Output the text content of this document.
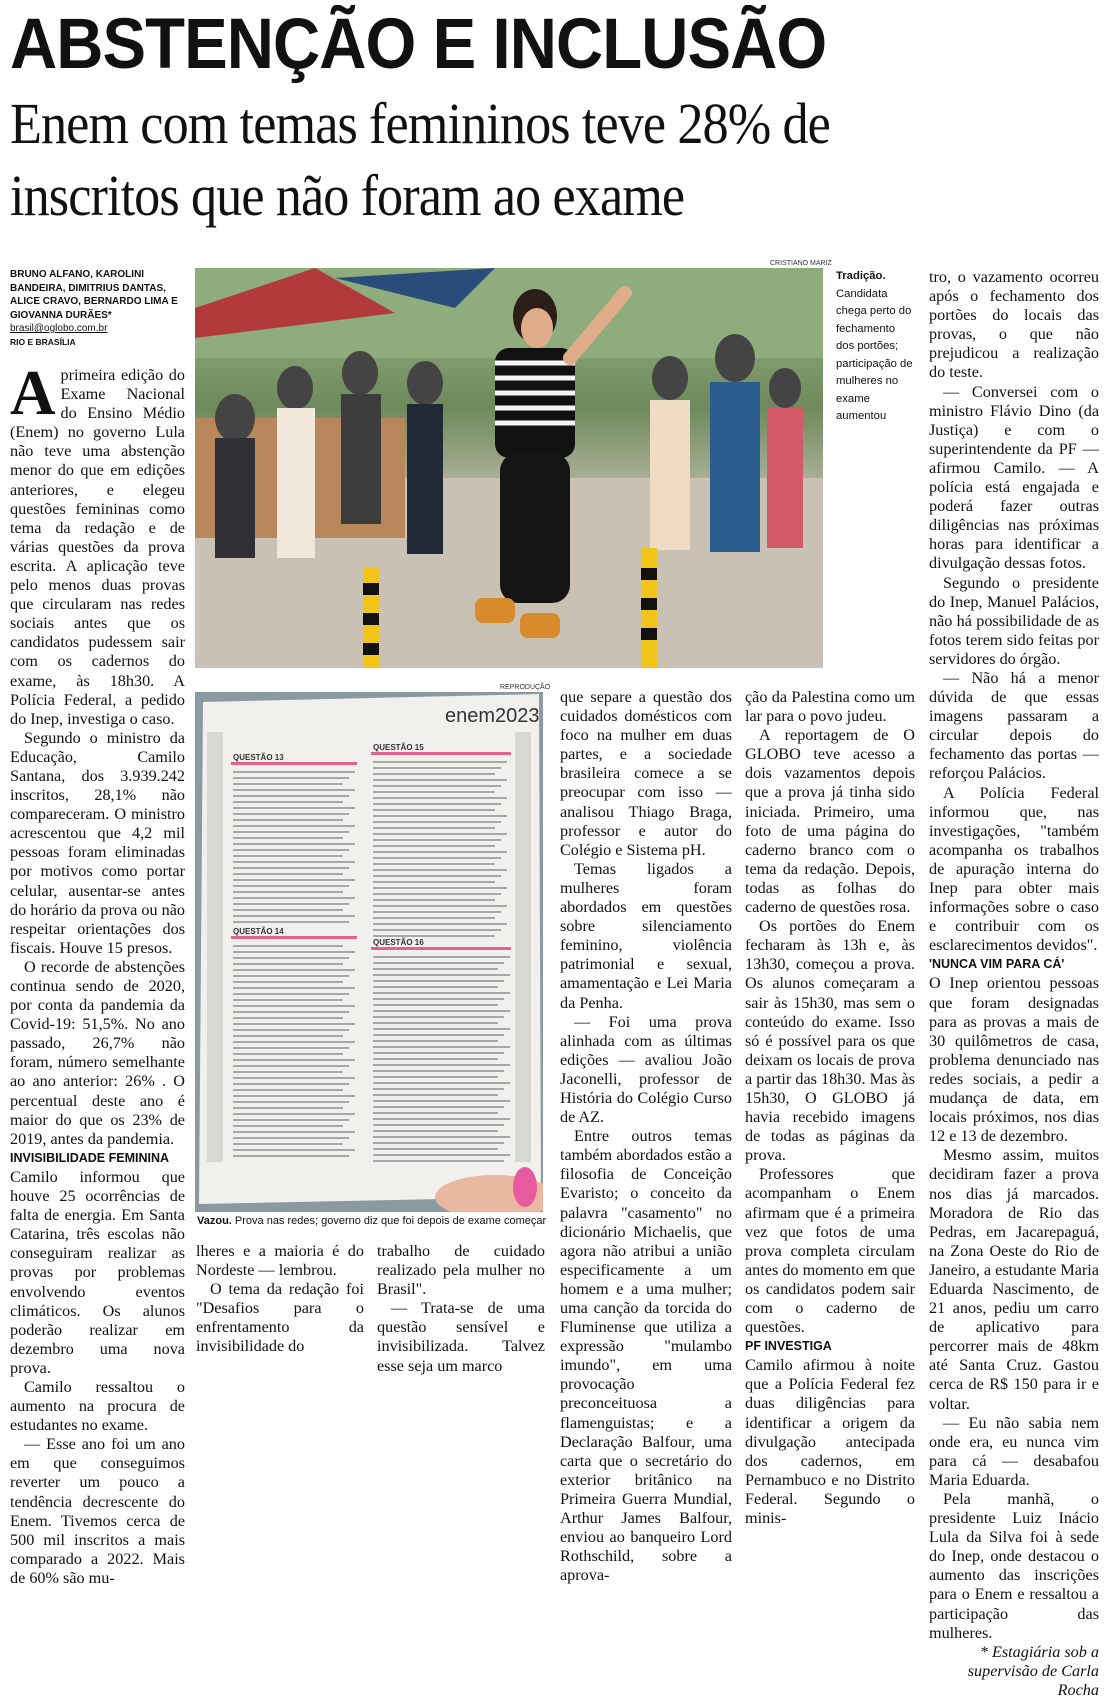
ABSTENÇÃO E INCLUSÃO
Enem com temas femininos teve 28% de inscritos que não foram ao exame
BRUNO ALFANO, KAROLINI BANDEIRA, DIMITRIUS DANTAS, ALICE CRAVO, BERNARDO LIMA E GIOVANNA DURÃES*
brasil@oglobo.com.br
RIO E BRASÍLIA
CRISTIANO MARIZ
Tradição. Candidata chega perto do fechamento dos portões; participação de mulheres no exame aumentou
REPRODUÇÃO
enem2023
QUESTÃO 13
QUESTÃO 15
QUESTÃO 14
QUESTÃO 16
Vazou. Prova nas redes; governo diz que foi depois de exame começar

Aprimeira edição do Exame Nacional do Ensino Médio (Enem) no governo Lula não teve uma abstenção menor do que em edições anteriores, e elegeu questões femininas como tema da redação e de várias questões da prova escrita. A aplicação teve pelo menos duas provas que circularam nas redes sociais antes que os candidatos pudessem sair com os cadernos do exame, às 18h30. A Polícia Federal, a pedido do Inep, investiga o caso.

Segundo o ministro da Educação, Camilo Santana, dos 3.939.242 inscritos, 28,1% não compareceram. O ministro acrescentou que 4,2 mil pessoas foram eliminadas por motivos como portar celular, ausentar-se antes do horário da prova ou não respeitar orientações dos fiscais. Houve 15 presos.

O recorde de abstenções continua sendo de 2020, por conta da pandemia da Covid-19: 51,5%. No ano passado, 26,7% não foram, número semelhante ao ano anterior: 26% . O percentual deste ano é maior do que os 23% de 2019, antes da pandemia.

INVISIBILIDADE FEMININA

Camilo informou que houve 25 ocorrências de falta de energia. Em Santa Catarina, três escolas não conseguiram realizar as provas por problemas envolvendo eventos climáticos. Os alunos poderão realizar em dezembro uma nova prova.

Camilo ressaltou o aumento na procura de estudantes no exame.

— Esse ano foi um ano em que conseguimos reverter um pouco a tendência decrescente do Enem. Tivemos cerca de 500 mil inscritos a mais comparado a 2022. Mais de 60% são mu-

lheres e a maioria é do Nordeste — lembrou.

O tema da redação foi "Desafios para o enfrentamento da invisibilidade do

trabalho de cuidado realizado pela mulher no Brasil".

— Trata-se de uma questão sensível e invisibilizada. Talvez esse seja um marco

que separe a questão dos cuidados domésticos com foco na mulher em duas partes, e a sociedade brasileira comece a se preocupar com isso — analisou Thiago Braga, professor e autor do Colégio e Sistema pH.

Temas ligados a mulheres foram abordados em questões sobre silenciamento feminino, violência patrimonial e sexual, amamentação e Lei Maria da Penha.

— Foi uma prova alinhada com as últimas edições — avaliou João Jaconelli, professor de História do Colégio Curso de AZ.

Entre outros temas também abordados estão a filosofia de Conceição Evaristo; o conceito da palavra "casamento" no dicionário Michaelis, que agora não atribui a união especificamente a um homem e a uma mulher; uma canção da torcida do Fluminense que utiliza a expressão "mulambo imundo", em uma provocação preconceituosa a flamenguistas; e a Declaração Balfour, uma carta que o secretário do exterior britânico na Primeira Guerra Mundial, Arthur James Balfour, enviou ao banqueiro Lord Rothschild, sobre a aprova-

ção da Palestina como um lar para o povo judeu.

A reportagem de O GLOBO teve acesso a dois vazamentos depois que a prova já tinha sido iniciada. Primeiro, uma foto de uma página do caderno branco com o tema da redação. Depois, todas as folhas do caderno de questões rosa.

Os portões do Enem fecharam às 13h e, às 13h30, começou a prova. Os alunos começaram a sair às 15h30, mas sem o conteúdo do exame. Isso só é possível para os que deixam os locais de prova a partir das 18h30. Mas às 15h30, O GLOBO já havia recebido imagens de todas as páginas da prova.

Professores que acompanham o Enem afirmam que é a primeira vez que fotos de uma prova completa circulam antes do momento em que os candidatos podem sair com o caderno de questões.

PF INVESTIGA

Camilo afirmou à noite que a Polícia Federal fez duas diligências para identificar a origem da divulgação antecipada dos cadernos, em Pernambuco e no Distrito Federal. Segundo o minis-

tro, o vazamento ocorreu após o fechamento dos portões do locais das provas, o que não prejudicou a realização do teste.

— Conversei com o ministro Flávio Dino (da Justiça) e com o superintendente da PF — afirmou Camilo. — A polícia está engajada e poderá fazer outras diligências nas próximas horas para identificar a divulgação dessas fotos.

Segundo o presidente do Inep, Manuel Palácios, não há possibilidade de as fotos terem sido feitas por servidores do órgão.

— Não há a menor dúvida de que essas imagens passaram a circular depois do fechamento das portas — reforçou Palácios.

A Polícia Federal informou que, nas investigações, "também acompanha os trabalhos de apuração interna do Inep para obter mais informações sobre o caso e contribuir com os esclarecimentos devidos".

'NUNCA VIM PARA CÁ'

O Inep orientou pessoas que foram designadas para as provas a mais de 30 quilômetros de casa, problema denunciado nas redes sociais, a pedir a mudança de data, em locais próximos, nos dias 12 e 13 de dezembro.

Mesmo assim, muitos decidiram fazer a prova nos dias já marcados. Moradora de Rio das Pedras, em Jacarepaguá, na Zona Oeste do Rio de Janeiro, a estudante Maria Eduarda Nascimento, de 21 anos, pediu um carro de aplicativo para percorrer mais de 48km até Santa Cruz. Gastou cerca de R$ 150 para ir e voltar.

— Eu não sabia nem onde era, eu nunca vim para cá — desabafou Maria Eduarda.

Pela manhã, o presidente Luiz Inácio Lula da Silva foi à sede do Inep, onde destacou o aumento das inscrições para o Enem e ressaltou a participação das mulheres.

* Estagiária sob a supervisão de Carla Rocha
